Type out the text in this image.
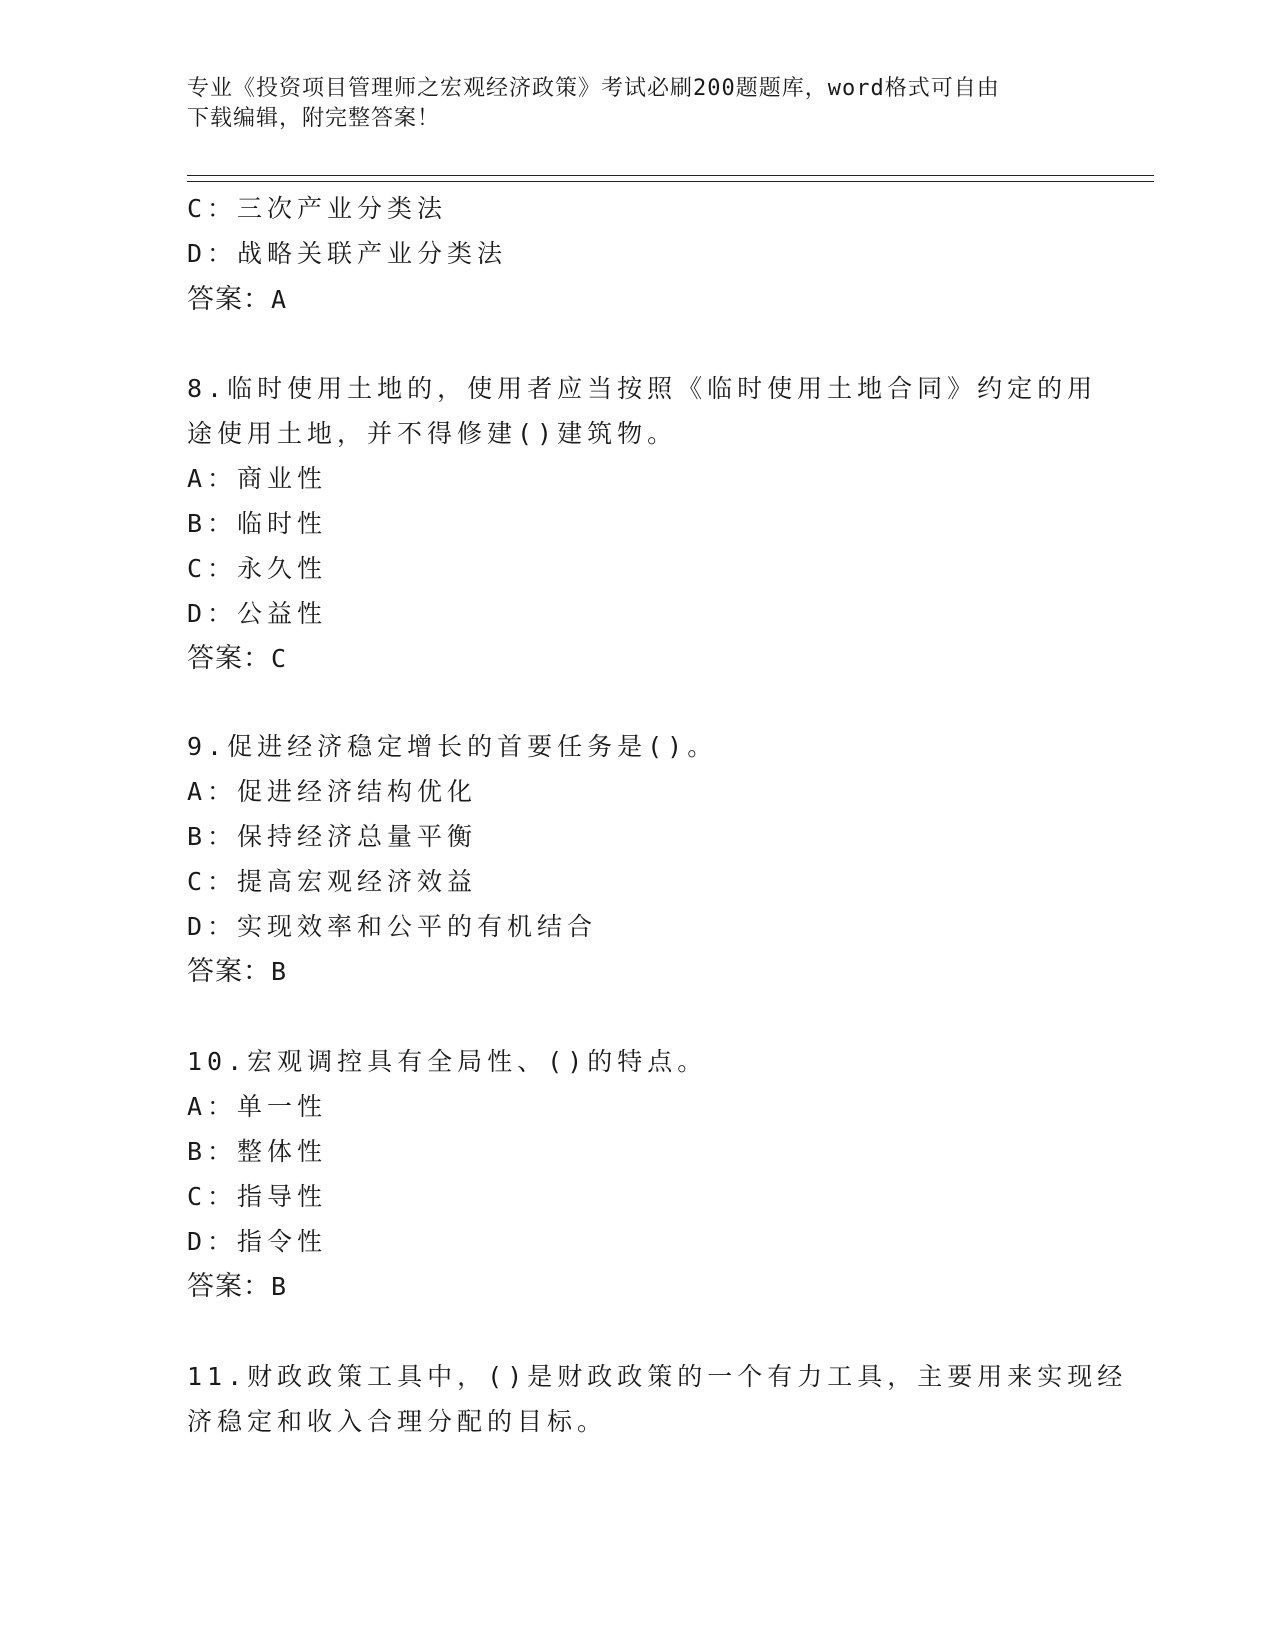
专业《投资项目管理师之宏观经济政策》考试必刷200题题库，word格式可自由
下载编辑，附完整答案！
C：三次产业分类法
D：战略关联产业分类法
答案：A
8.临时使用土地的，使用者应当按照《临时使用土地合同》约定的用
途使用土地，并不得修建()建筑物。
A：商业性
B：临时性
C：永久性
D：公益性
答案：C
9.促进经济稳定增长的首要任务是()。
A：促进经济结构优化
B：保持经济总量平衡
C：提高宏观经济效益
D：实现效率和公平的有机结合
答案：B
10.宏观调控具有全局性、()的特点。
A：单一性
B：整体性
C：指导性
D：指令性
答案：B
11.财政政策工具中，()是财政政策的一个有力工具，主要用来实现经
济稳定和收入合理分配的目标。
